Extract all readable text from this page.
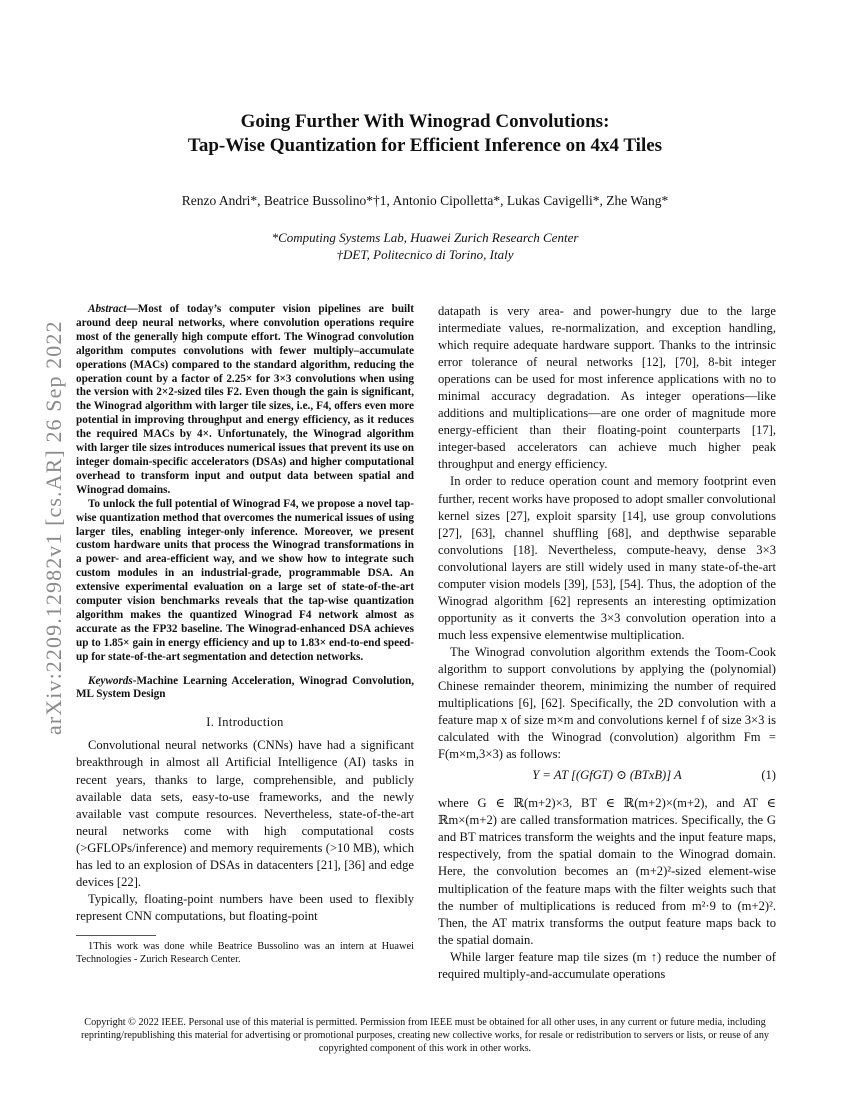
arXiv:2209.12982v1 [cs.AR] 26 Sep 2022
Going Further With Winograd Convolutions:
Tap-Wise Quantization for Efficient Inference on 4x4 Tiles
Renzo Andri*, Beatrice Bussolino*†1, Antonio Cipolletta*, Lukas Cavigelli*, Zhe Wang*
*Computing Systems Lab, Huawei Zurich Research Center
†DET, Politecnico di Torino, Italy

Abstract—Most of today’s computer vision pipelines are built around deep neural networks, where convolution operations require most of the generally high compute effort. The Winograd convolution algorithm computes convolutions with fewer multiply–accumulate operations (MACs) compared to the standard algorithm, reducing the operation count by a factor of 2.25× for 3×3 convolutions when using the version with 2×2-sized tiles F2. Even though the gain is significant, the Winograd algorithm with larger tile sizes, i.e., F4, offers even more potential in improving throughput and energy efficiency, as it reduces the required MACs by 4×. Unfortunately, the Winograd algorithm with larger tile sizes introduces numerical issues that prevent its use on integer domain-specific accelerators (DSAs) and higher computational overhead to transform input and output data between spatial and Winograd domains.

To unlock the full potential of Winograd F4, we propose a novel tap-wise quantization method that overcomes the numerical issues of using larger tiles, enabling integer-only inference. Moreover, we present custom hardware units that process the Winograd transformations in a power- and area-efficient way, and we show how to integrate such custom modules in an industrial-grade, programmable DSA. An extensive experimental evaluation on a large set of state-of-the-art computer vision benchmarks reveals that the tap-wise quantization algorithm makes the quantized Winograd F4 network almost as accurate as the FP32 baseline. The Winograd-enhanced DSA achieves up to 1.85× gain in energy efficiency and up to 1.83× end-to-end speed-up for state-of-the-art segmentation and detection networks.

Keywords-Machine Learning Acceleration, Winograd Convolution, ML System Design
I. Introduction

Convolutional neural networks (CNNs) have had a significant breakthrough in almost all Artificial Intelligence (AI) tasks in recent years, thanks to large, comprehensible, and publicly available data sets, easy-to-use frameworks, and the newly available vast compute resources. Nevertheless, state-of-the-art neural networks come with high computational costs (>GFLOPs/inference) and memory requirements (>10 MB), which has led to an explosion of DSAs in datacenters [21], [36] and edge devices [22].

Typically, floating-point numbers have been used to flexibly represent CNN computations, but floating-point

1This work was done while Beatrice Bussolino was an intern at Huawei Technologies - Zurich Research Center.

datapath is very area- and power-hungry due to the large intermediate values, re-normalization, and exception handling, which require adequate hardware support. Thanks to the intrinsic error tolerance of neural networks [12], [70], 8-bit integer operations can be used for most inference applications with no to minimal accuracy degradation. As integer operations—like additions and multiplications—are one order of magnitude more energy-efficient than their floating-point counterparts [17], integer-based accelerators can achieve much higher peak throughput and energy efficiency.

In order to reduce operation count and memory footprint even further, recent works have proposed to adopt smaller convolutional kernel sizes [27], exploit sparsity [14], use group convolutions [27], [63], channel shuffling [68], and depthwise separable convolutions [18]. Nevertheless, compute-heavy, dense 3×3 convolutional layers are still widely used in many state-of-the-art computer vision models [39], [53], [54]. Thus, the adoption of the Winograd algorithm [62] represents an interesting optimization opportunity as it converts the 3×3 convolution operation into a much less expensive elementwise multiplication.

The Winograd convolution algorithm extends the Toom-Cook algorithm to support convolutions by applying the (polynomial) Chinese remainder theorem, minimizing the number of required multiplications [6], [62]. Specifically, the 2D convolution with a feature map x of size m×m and convolutions kernel f of size 3×3 is calculated with the Winograd (convolution) algorithm Fm = F(m×m,3×3) as follows:

Y = AT [(GfGT) ⊙ (BTxB)] A	(1)

where G ∈ ℝ(m+2)×3, BT ∈ ℝ(m+2)×(m+2), and AT ∈ ℝm×(m+2) are called transformation matrices. Specifically, the G and BT matrices transform the weights and the input feature maps, respectively, from the spatial domain to the Winograd domain. Here, the convolution becomes an (m+2)²-sized element-wise multiplication of the feature maps with the filter weights such that the number of multiplications is reduced from m²·9 to (m+2)². Then, the AT matrix transforms the output feature maps back to the spatial domain.

While larger feature map tile sizes (m ↑) reduce the number of required multiply-and-accumulate operations

Copyright © 2022 IEEE. Personal use of this material is permitted. Permission from IEEE must be obtained for all other uses, in any current or future media, including reprinting/republishing this material for advertising or promotional purposes, creating new collective works, for resale or redistribution to servers or lists, or reuse of any copyrighted component of this work in other works.
